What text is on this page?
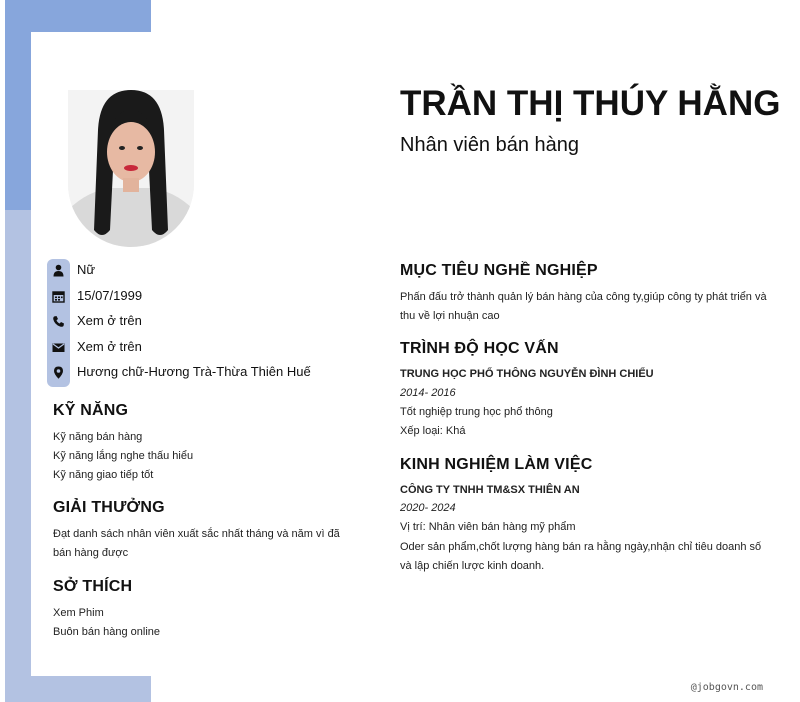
Nữ
15/07/1999
Xem ở trên
Xem ở trên
Hương chữ-Hương Trà-Thừa Thiên Huế
KỸ NĂNG
Kỹ năng bán hàng
Kỹ năng lắng nghe thấu hiểu
Kỹ năng giao tiếp tốt
GIẢI THƯỞNG
Đạt danh sách nhân viên xuất sắc nhất tháng và năm vì đã bán hàng được
SỞ THÍCH
Xem Phim
Buôn bán hàng online
TRẦN THỊ THÚY HẰNG
Nhân viên bán hàng
MỤC TIÊU NGHỀ NGHIỆP
Phấn đấu trở thành quản lý bán hàng của công ty,giúp công ty phát triển và thu về lợi nhuận cao
TRÌNH ĐỘ HỌC VẤN
TRUNG HỌC PHỔ THÔNG NGUYỄN ĐÌNH CHIỂU
2014- 2016
Tốt nghiệp trung học phổ thông
Xếp loại: Khá
KINH NGHIỆM LÀM VIỆC
CÔNG TY TNHH TM&SX THIÊN AN
2020- 2024
Vị trí: Nhân viên bán hàng mỹ phẩm
Oder sản phẩm,chốt lượng hàng bán ra hằng ngày,nhận chỉ tiêu doanh số và lập chiến lược kinh doanh.
@jobgovn.com
